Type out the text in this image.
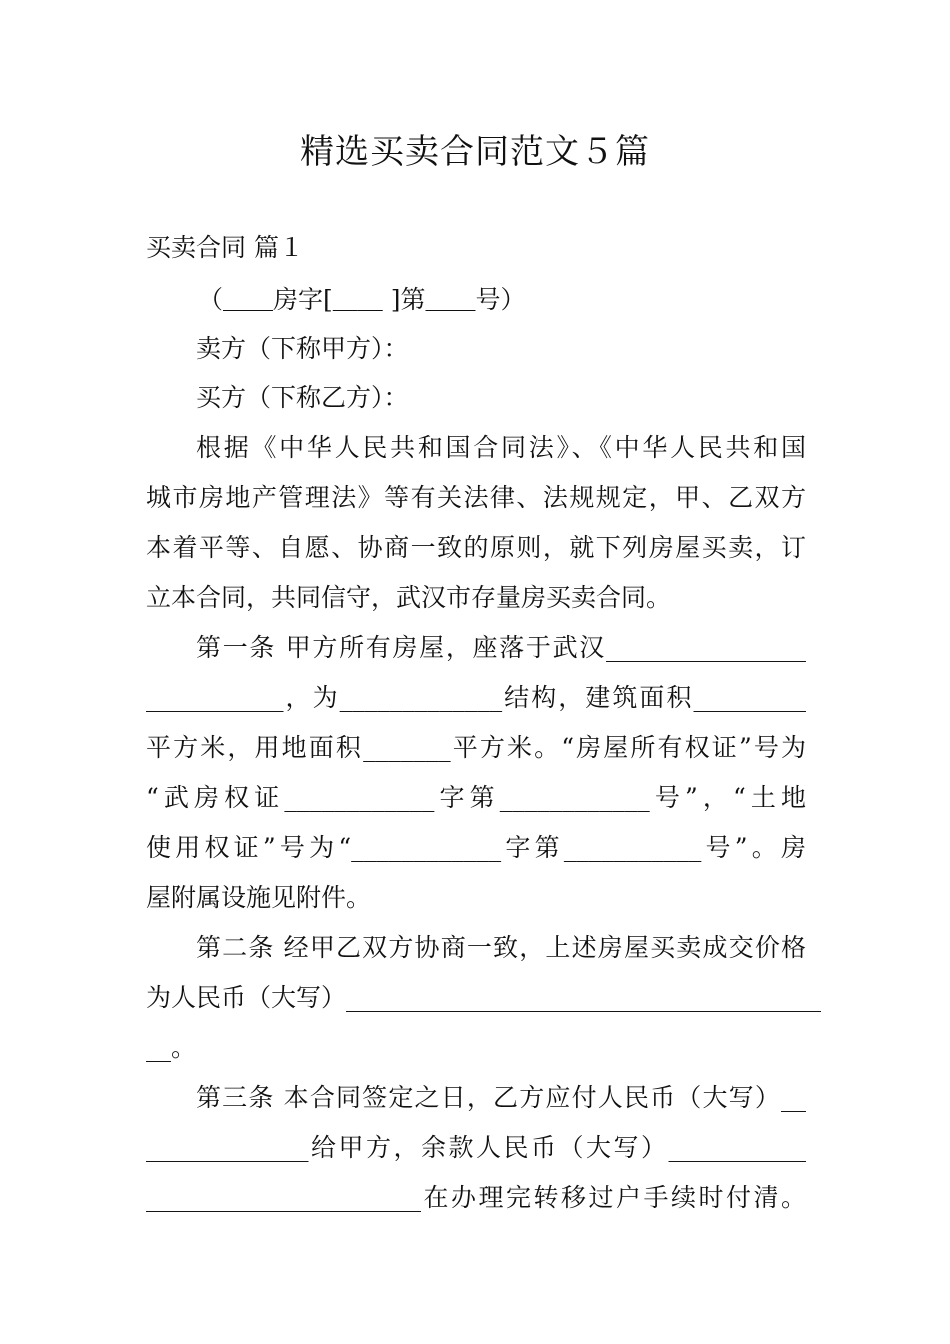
精选买卖合同范文５篇
买卖合同 篇１
（＿＿房字[＿＿ ]第＿＿号）
卖方（下称甲方）：
买方（下称乙方）：
根据《中华人民共和国合同法》、《中华人民共和国
城市房地产管理法》等有关法律、法规规定，甲、乙双方
本着平等、自愿、协商一致的原则，就下列房屋买卖，订
立本合同，共同信守，武汉市存量房买卖合同。
第一条 甲方所有房屋，座落于武汉________________
___________，为_____________结构，建筑面积_________
平方米，用地面积_______平方米。“房屋所有权证”号为
“武房权证____________字第____________号”，“土地
使用权证”号为“____________字第___________号”。房
屋附属设施见附件。
第二条 经甲乙双方协商一致，上述房屋买卖成交价格
为人民币（大写）______________________________________
__。
第三条 本合同签定之日，乙方应付人民币（大写）__
_____________给甲方，余款人民币（大写）___________
______________________在办理完转移过户手续时付清。
